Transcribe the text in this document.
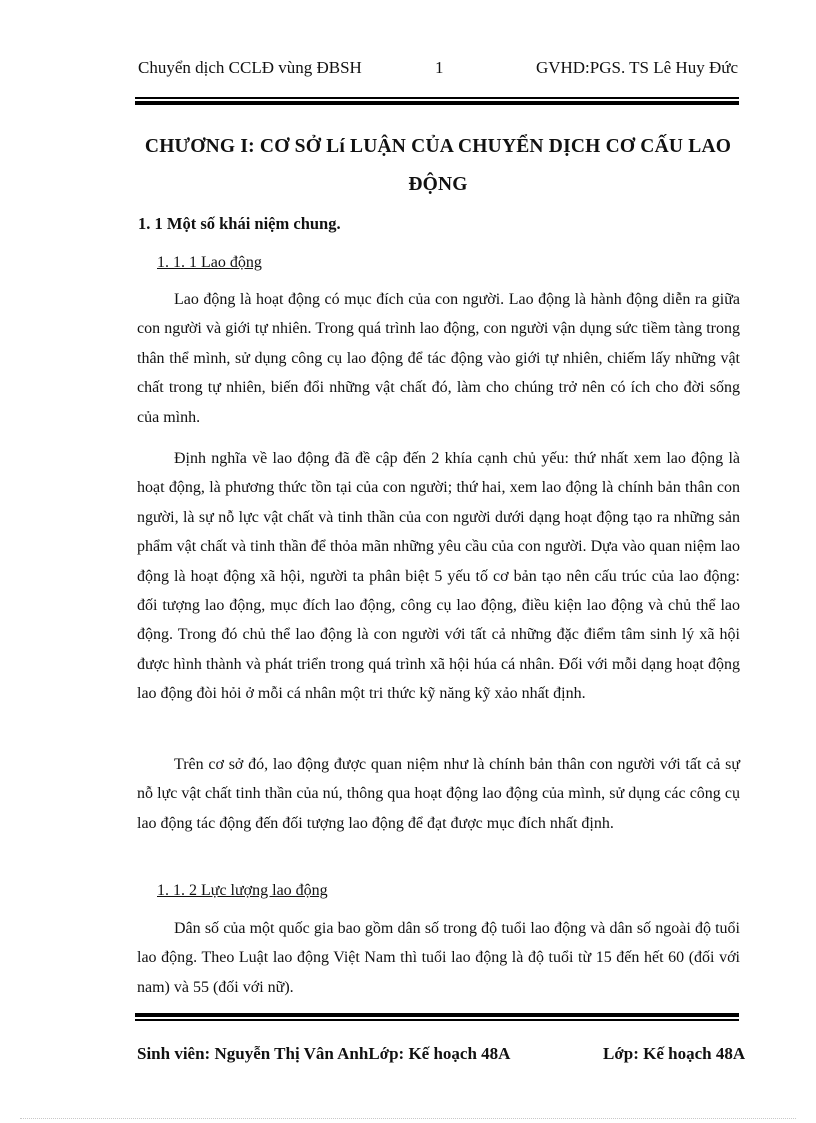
Chuyển dịch CCLĐ vùng ĐBSH	1	GVHD:PGS. TS Lê Huy Đức
CHƯƠNG I: CƠ SỞ Lí LUẬN CỦA CHUYỂN DỊCH CƠ CẤU LAO ĐỘNG
1. 1 Một số khái niệm chung.
1. 1. 1 Lao động

Lao động là hoạt động có mục đích của con người. Lao động là hành động diễn ra giữa con người và giới tự nhiên. Trong quá trình lao động, con người vận dụng sức tiềm tàng trong thân thể mình, sử dụng công cụ lao động để tác động vào giới tự nhiên, chiếm lấy những vật chất trong tự nhiên, biến đổi những vật chất đó, làm cho chúng trở nên có ích cho đời sống của mình.

Định nghĩa về lao động đã đề cập đến 2 khía cạnh chủ yếu: thứ nhất xem lao động là hoạt động, là phương thức tồn tại của con người; thứ hai, xem lao động là chính bản thân con người, là sự nỗ lực vật chất và tinh thần của con người dưới dạng hoạt động tạo ra những sản phẩm vật chất và tinh thần để thỏa mãn những yêu cầu của con người. Dựa vào quan niệm lao động là hoạt động xã hội, người ta phân biệt 5 yếu tố cơ bản tạo nên cấu trúc của lao động: đối tượng lao động, mục đích lao động, công cụ lao động, điều kiện lao động và chủ thể lao động. Trong đó chủ thể lao động là con người với tất cả những đặc điểm tâm sinh lý xã hội được hình thành và phát triển trong quá trình xã hội húa cá nhân. Đối với mỗi dạng hoạt động lao động đòi hỏi ở mỗi cá nhân một tri thức kỹ năng kỹ xảo nhất định.

Trên cơ sở đó, lao động được quan niệm như là chính bản thân con người với tất cả sự nỗ lực vật chất tinh thần của nú, thông qua hoạt động lao động của mình, sử dụng các công cụ lao động tác động đến đối tượng lao động để đạt được mục đích nhất định.

1. 1. 2 Lực lượng lao động

Dân số của một quốc gia bao gồm dân số trong độ tuổi lao động và dân số ngoài độ tuổi lao động. Theo Luật lao động Việt Nam thì tuổi lao động là độ tuổi từ 15 đến hết 60 (đối với nam) và 55 (đối với nữ).

Sinh viên: Nguyễn Thị Vân AnhLớp: Kế hoạch 48A	Lớp: Kế hoạch 48A
